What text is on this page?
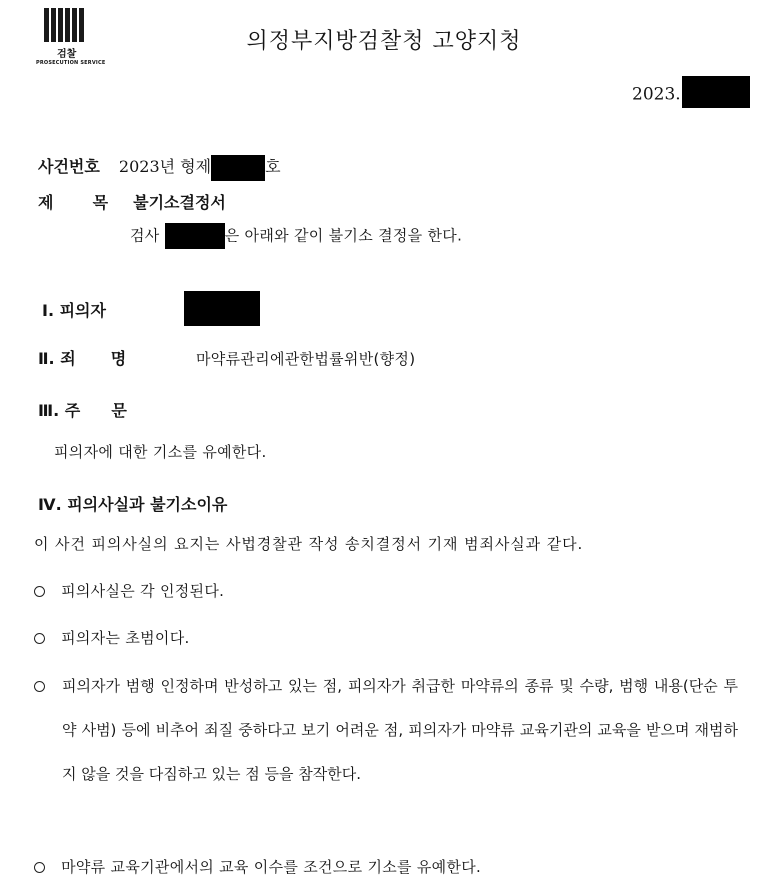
검찰
PROSECUTION SERVICE
의정부지방검찰청 고양지청
2023.
사건번호 2023년 형제	호
제 목 불기소결정서
검사	은 아래와 같이 불기소 결정을 한다.
Ⅰ. 피의자
Ⅱ. 죄 명	마약류관리에관한법률위반(향정)
Ⅲ. 주 문
피의자에 대한 기소를 유예한다.
Ⅳ. 피의사실과 불기소이유
이 사건 피의사실의 요지는 사법경찰관 작성 송치결정서 기재 범죄사실과 같다.
피의사실은 각 인정된다.
피의자는 초범이다.
피의자가 범행 인정하며 반성하고 있는 점, 피의자가 취급한 마약류의 종류 및 수량, 범행 내용(단순 투약 사범) 등에 비추어 죄질 중하다고 보기 어려운 점, 피의자가 마약류 교육기관의 교육을 받으며 재범하지 않을 것을 다짐하고 있는 점 등을 참작한다.
마약류 교육기관에서의 교육 이수를 조건으로 기소를 유예한다.
